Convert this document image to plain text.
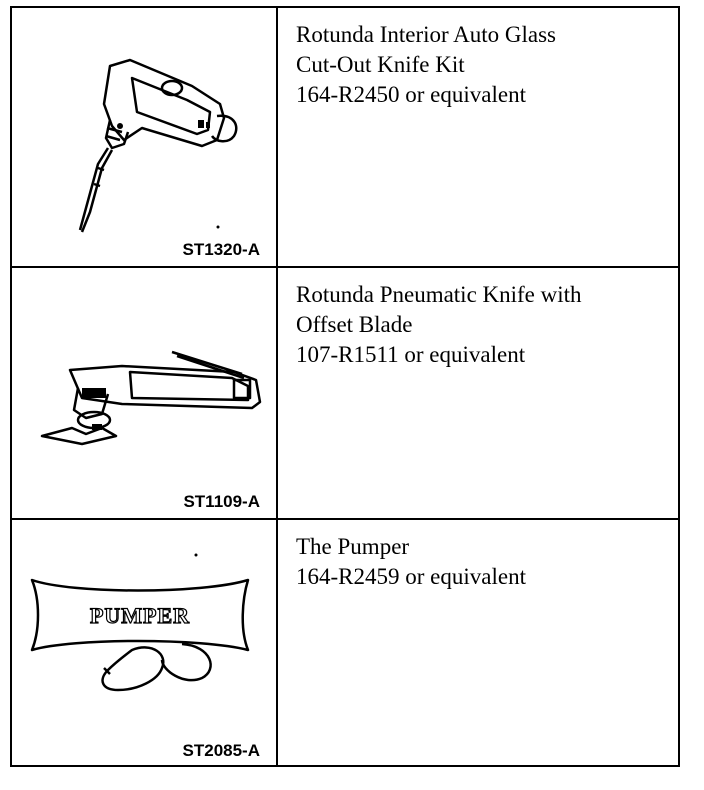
ST1320-A
Rotunda Interior Auto Glass
Cut-Out Knife Kit
164-R2450 or equivalent
ST1109-A
Rotunda Pneumatic Knife with
Offset Blade
107-R1511 or equivalent
PUMPER
ST2085-A
The Pumper
164-R2459 or equivalent
